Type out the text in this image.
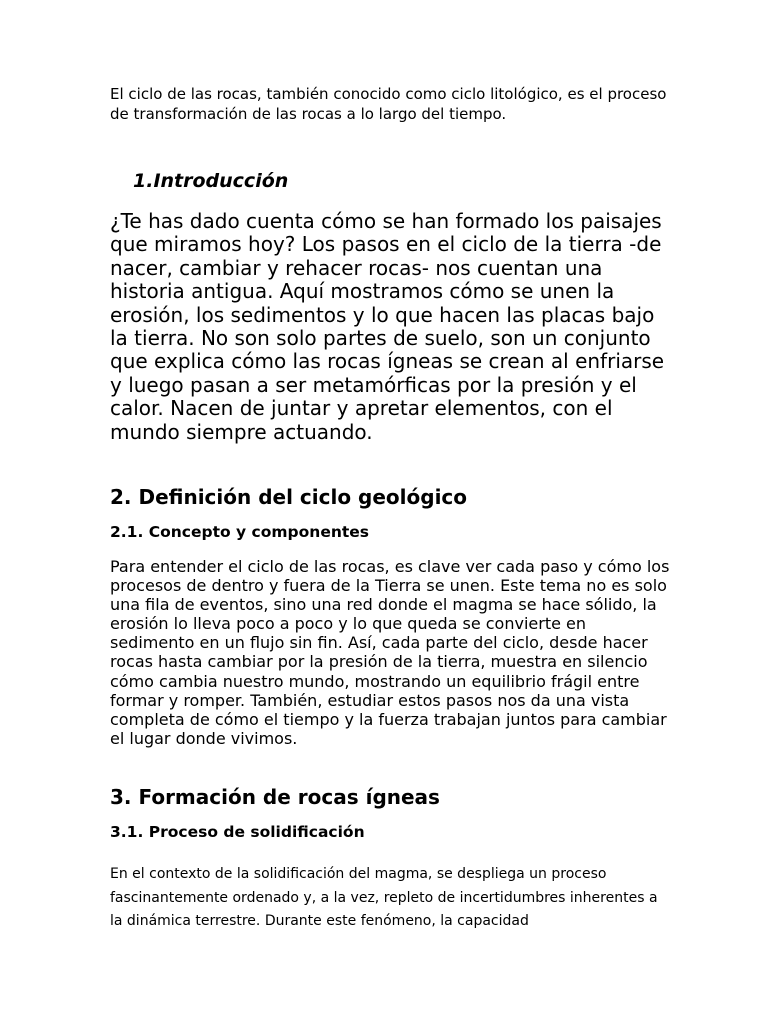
El ciclo de las rocas, también conocido como ciclo litológico, es el proceso de transformación de las rocas a lo largo del tiempo.

1.Introducción

¿Te has dado cuenta cómo se han formado los paisajes que miramos hoy? Los pasos en el ciclo de la tierra -de nacer, cambiar y rehacer rocas- nos cuentan una historia antigua. Aquí mostramos cómo se unen la erosión, los sedimentos y lo que hacen las placas bajo la tierra. No son solo partes de suelo, son un conjunto que explica cómo las rocas ígneas se crean al enfriarse y luego pasan a ser metamórficas por la presión y el calor. Nacen de juntar y apretar elementos, con el mundo siempre actuando.

2. Definición del ciclo geológico
2.1. Concepto y componentes

Para entender el ciclo de las rocas, es clave ver cada paso y cómo los procesos de dentro y fuera de la Tierra se unen. Este tema no es solo una fila de eventos, sino una red donde el magma se hace sólido, la erosión lo lleva poco a poco y lo que queda se convierte en sedimento en un flujo sin fin. Así, cada parte del ciclo, desde hacer rocas hasta cambiar por la presión de la tierra, muestra en silencio cómo cambia nuestro mundo, mostrando un equilibrio frágil entre formar y romper. También, estudiar estos pasos nos da una vista completa de cómo el tiempo y la fuerza trabajan juntos para cambiar el lugar donde vivimos.

3. Formación de rocas ígneas
3.1. Proceso de solidificación

En el contexto de la solidificación del magma, se despliega un proceso fascinantemente ordenado y, a la vez, repleto de incertidumbres inherentes a la dinámica terrestre. Durante este fenómeno, la capacidad
